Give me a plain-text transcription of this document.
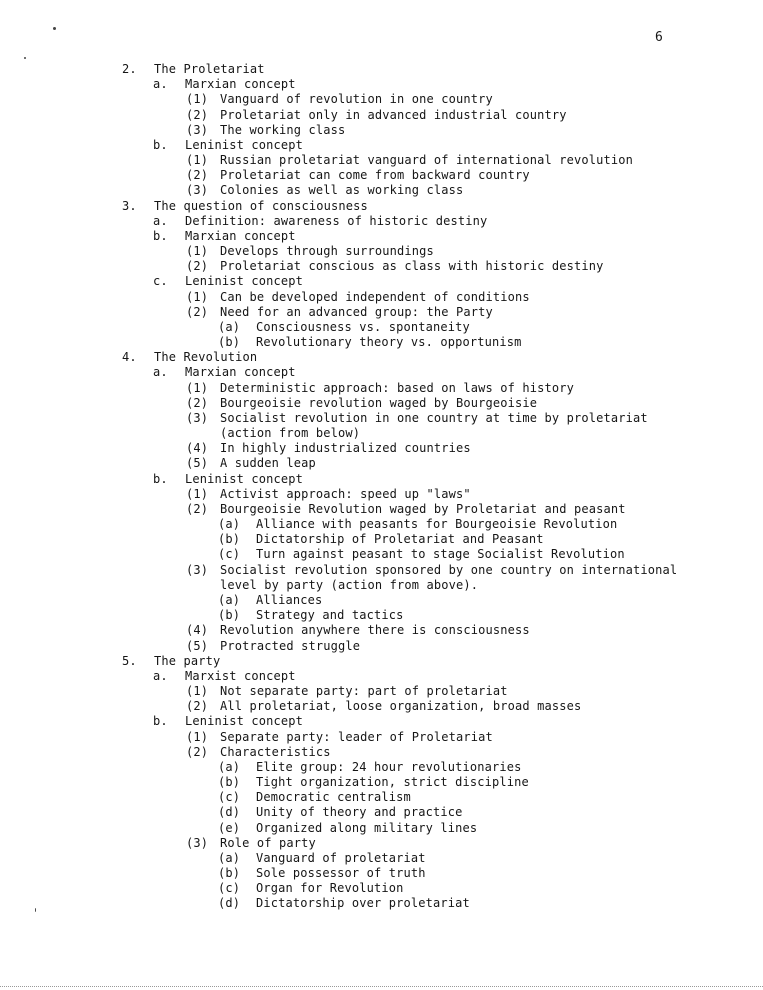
6
2. The Proletariat
a. Marxian concept
(1) Vanguard of revolution in one country
(2) Proletariat only in advanced industrial country
(3) The working class
b. Leninist concept
(1) Russian proletariat vanguard of international revolution
(2) Proletariat can come from backward country
(3) Colonies as well as working class
3. The question of consciousness
a. Definition: awareness of historic destiny
b. Marxian concept
(1) Develops through surroundings
(2) Proletariat conscious as class with historic destiny
c. Leninist concept
(1) Can be developed independent of conditions
(2) Need for an advanced group: the Party
(a) Consciousness vs. spontaneity
(b) Revolutionary theory vs. opportunism
4. The Revolution
a. Marxian concept
(1) Deterministic approach: based on laws of history
(2) Bourgeoisie revolution waged by Bourgeoisie
(3) Socialist revolution in one country at time by proletariat
(action from below)
(4) In highly industrialized countries
(5) A sudden leap
b. Leninist concept
(1) Activist approach: speed up "laws"
(2) Bourgeoisie Revolution waged by Proletariat and peasant
(a) Alliance with peasants for Bourgeoisie Revolution
(b) Dictatorship of Proletariat and Peasant
(c) Turn against peasant to stage Socialist Revolution
(3) Socialist revolution sponsored by one country on international
level by party (action from above).
(a) Alliances
(b) Strategy and tactics
(4) Revolution anywhere there is consciousness
(5) Protracted struggle
5. The party
a. Marxist concept
(1) Not separate party: part of proletariat
(2) All proletariat, loose organization, broad masses
b. Leninist concept
(1) Separate party: leader of Proletariat
(2) Characteristics
(a) Elite group: 24 hour revolutionaries
(b) Tight organization, strict discipline
(c) Democratic centralism
(d) Unity of theory and practice
(e) Organized along military lines
(3) Role of party
(a) Vanguard of proletariat
(b) Sole possessor of truth
(c) Organ for Revolution
(d) Dictatorship over proletariat
